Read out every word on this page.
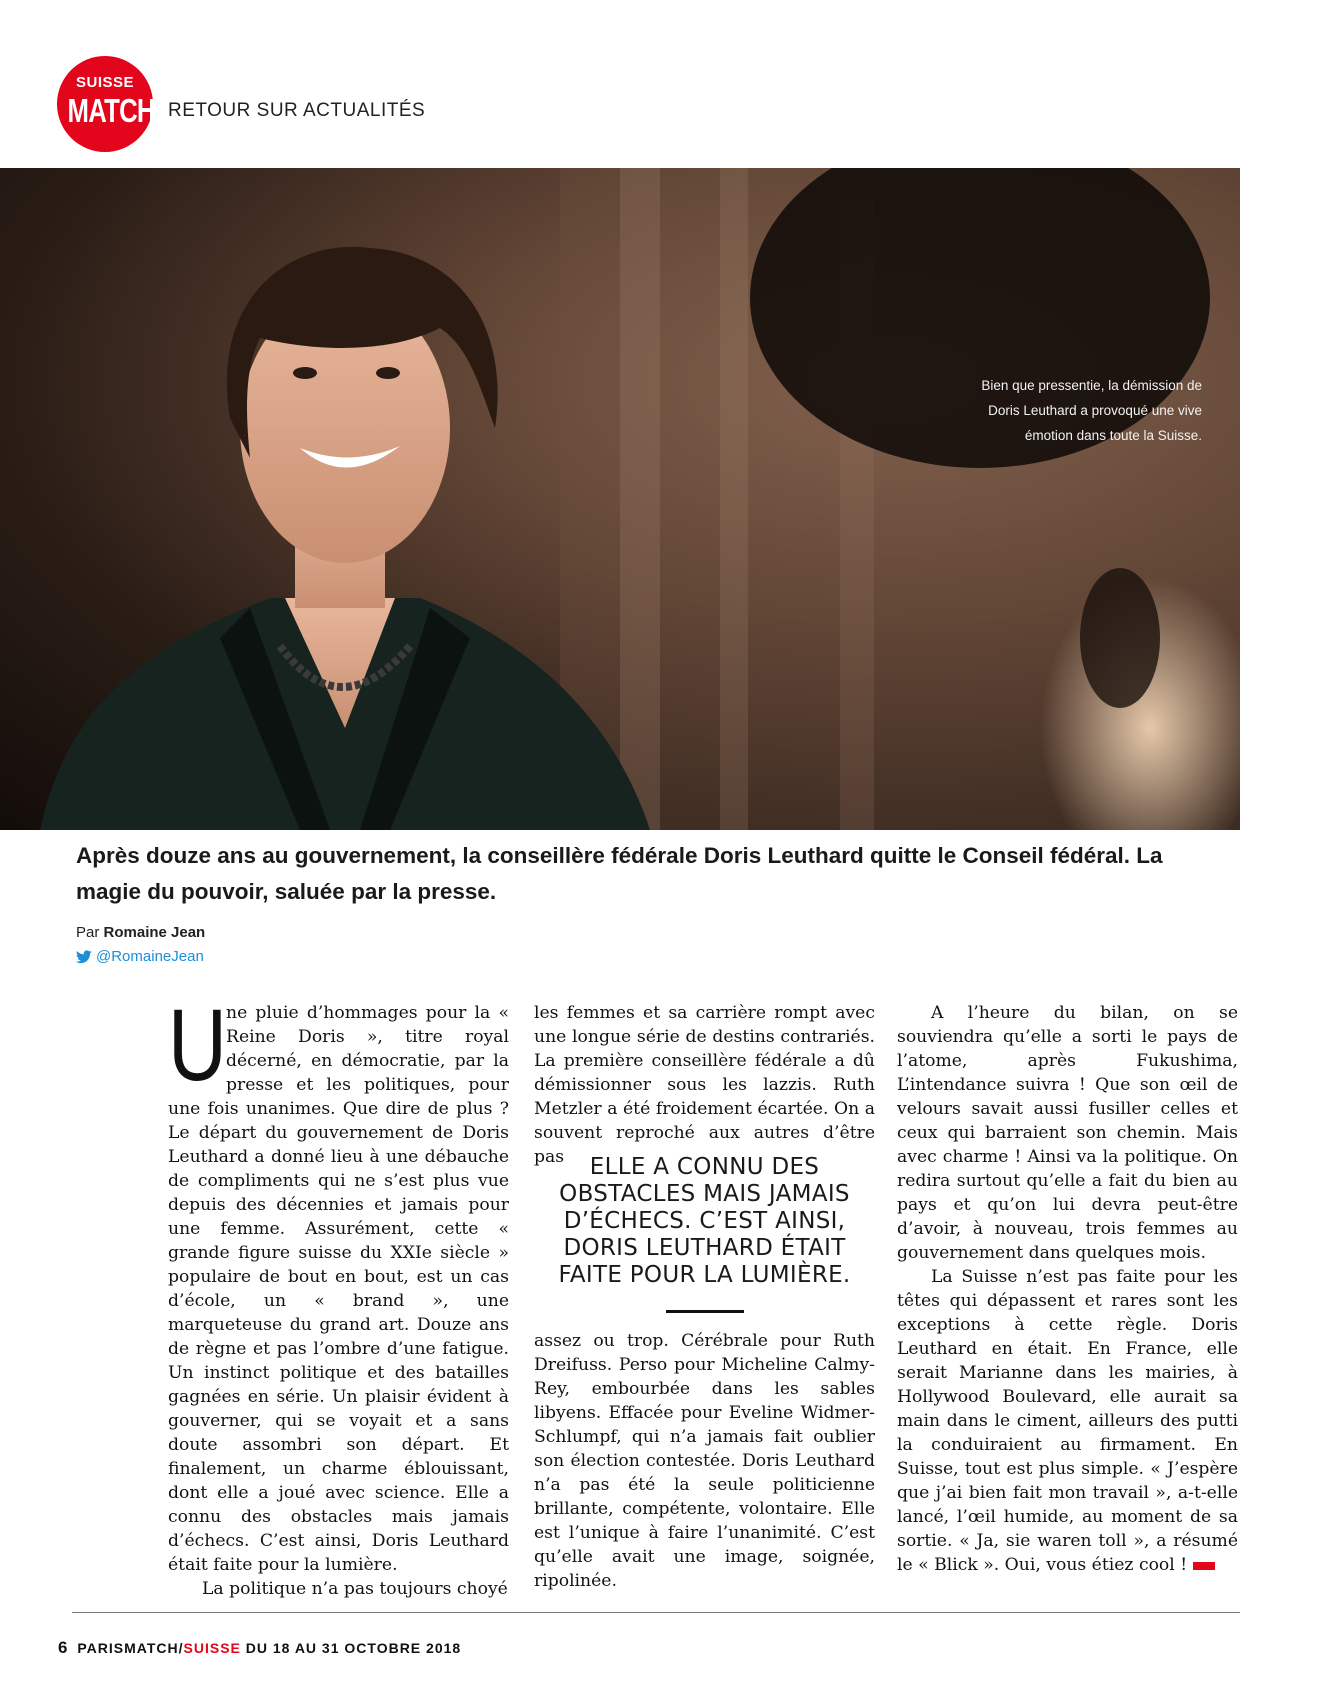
SUISSE
MATCH RETOUR SUR ACTUALITÉS
Bien que pressentie, la démission de Doris Leuthard a provoqué une vive émotion dans toute la Suisse.

Après douze ans au gouvernement, la conseillère fédérale Doris Leuthard quitte le Conseil fédéral. La magie du pouvoir, saluée par la presse.

Par Romaine Jean
@RomaineJean

Une pluie d’hommages pour la « Reine Doris », titre royal décerné, en démocratie, par la presse et les politiques, pour une fois unanimes. Que dire de plus ? Le départ du gouvernement de Doris Leuthard a donné lieu à une débauche de compliments qui ne s’est plus vue depuis des décennies et jamais pour une femme. Assurément, cette « grande figure suisse du XXIe siècle » populaire de bout en bout, est un cas d’école, un « brand », une marqueteuse du grand art. Douze ans de règne et pas l’ombre d’une fatigue. Un instinct politique et des batailles gagnées en série. Un plaisir évident à gouverner, qui se voyait et a sans doute assombri son départ. Et finalement, un charme éblouissant, dont elle a joué avec science. Elle a connu des obstacles mais jamais d’échecs. C’est ainsi, Doris Leuthard était faite pour la lumière.

La politique n’a pas toujours choyé

les femmes et sa carrière rompt avec une longue série de destins contrariés. La première conseillère fédérale a dû démissionner sous les lazzis. Ruth Metzler a été froidement écartée. On a souvent reproché aux autres d’être pas	ELLE A CONNU DES OBSTACLES MAIS JAMAIS D’ÉCHECS. C’EST AINSI, DORIS LEUTHARD ÉTAIT FAITE POUR LA LUMIÈRE.

assez ou trop. Cérébrale pour Ruth Dreifuss. Perso pour Micheline Calmy-Rey, embourbée dans les sables libyens. Effacée pour Eveline Widmer-Schlumpf, qui n’a jamais fait oublier son élection contestée. Doris Leuthard n’a pas été la seule politicienne brillante, compétente, volontaire. Elle est l’unique à faire l’unanimité. C’est qu’elle avait une image, soignée, ripolinée.

A l’heure du bilan, on se souviendra qu’elle a sorti le pays de l’atome, après Fukushima, L’intendance suivra ! Que son œil de velours savait aussi fusiller celles et ceux qui barraient son chemin. Mais avec charme ! Ainsi va la politique. On redira surtout qu’elle a fait du bien au pays et qu’on lui devra peut-être d’avoir, à nouveau, trois femmes au gouvernement dans quelques mois.

La Suisse n’est pas faite pour les têtes qui dépassent et rares sont les exceptions à cette règle. Doris Leuthard en était. En France, elle serait Marianne dans les mairies, à Hollywood Boulevard, elle aurait sa main dans le ciment, ailleurs des putti la conduiraient au firmament. En Suisse, tout est plus simple. « J’espère que j’ai bien fait mon travail », a-t-elle lancé, l’œil humide, au moment de sa sortie. « Ja, sie waren toll », a résumé le « Blick ». Oui, vous étiez cool !

6 PARISMATCH/SUISSE DU 18 AU 31 OCTOBRE 2018
